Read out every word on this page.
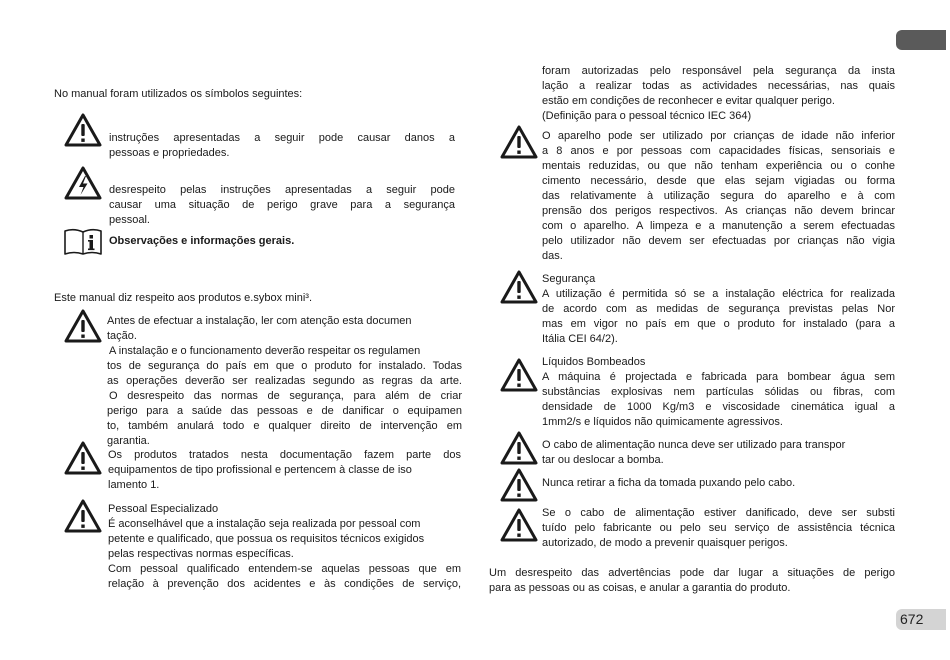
672
No manual foram utilizados os símbolos seguintes:
instruções apresentadas a seguir pode causar danos a
pessoas e propriedades.
desrespeito pelas instruções apresentadas a seguir pode
causar uma situação de perigo grave para a segurança
pessoal.
Observações e informações gerais.
Este manual diz respeito aos produtos e.sybox mini³.
Antes de efectuar a instalação, ler com atenção esta documen
tação.
A instalação e o funcionamento deverão respeitar os regulamen
tos de segurança do país em que o produto for instalado. Todas
as operações deverão ser realizadas segundo as regras da arte.
O desrespeito das normas de segurança, para além de criar
perigo para a saúde das pessoas e de danificar o equipamen
to, também anulará todo e qualquer direito de intervenção em
garantia.
Os produtos tratados nesta documentação fazem parte dos
equipamentos de tipo profissional e pertencem à classe de iso
lamento 1.
Pessoal Especializado
É aconselhável que a instalação seja realizada por pessoal com
petente e qualificado, que possua os requisitos técnicos exigidos
pelas respectivas normas específicas.
Com pessoal qualificado entendem-se aquelas pessoas que em
relação à prevenção dos acidentes e às condições de serviço,
foram autorizadas pelo responsável pela segurança da insta
lação a realizar todas as actividades necessárias, nas quais
estão em condições de reconhecer e evitar qualquer perigo.
(Definição para o pessoal técnico IEC 364)
O aparelho pode ser utilizado por crianças de idade não inferior
a 8 anos e por pessoas com capacidades físicas, sensoriais e
mentais reduzidas, ou que não tenham experiência ou o conhe
cimento necessário, desde que elas sejam vigiadas ou forma
das relativamente à utilização segura do aparelho e à com
prensão dos perigos respectivos. As crianças não devem brincar
com o aparelho. A limpeza e a manutenção a serem efectuadas
pelo utilizador não devem ser efectuadas por crianças não vigia
das.
Segurança
A utilização é permitida só se a instalação eléctrica for realizada
de acordo com as medidas de segurança previstas pelas Nor
mas em vigor no país em que o produto for instalado (para a
Itália CEI 64/2).
Líquidos Bombeados
A máquina é projectada e fabricada para bombear água sem
substâncias explosivas nem partículas sólidas ou fibras, com
densidade de 1000 Kg/m3 e viscosidade cinemática igual a
1mm2/s e líquidos não quimicamente agressivos.
O cabo de alimentação nunca deve ser utilizado para transpor
tar ou deslocar a bomba.
Nunca retirar a ficha da tomada puxando pelo cabo.
Se o cabo de alimentação estiver danificado, deve ser substi
tuído pelo fabricante ou pelo seu serviço de assistência técnica
autorizado, de modo a prevenir quaisquer perigos.
Um desrespeito das advertências pode dar lugar a situações de perigo
para as pessoas ou as coisas, e anular a garantia do produto.
